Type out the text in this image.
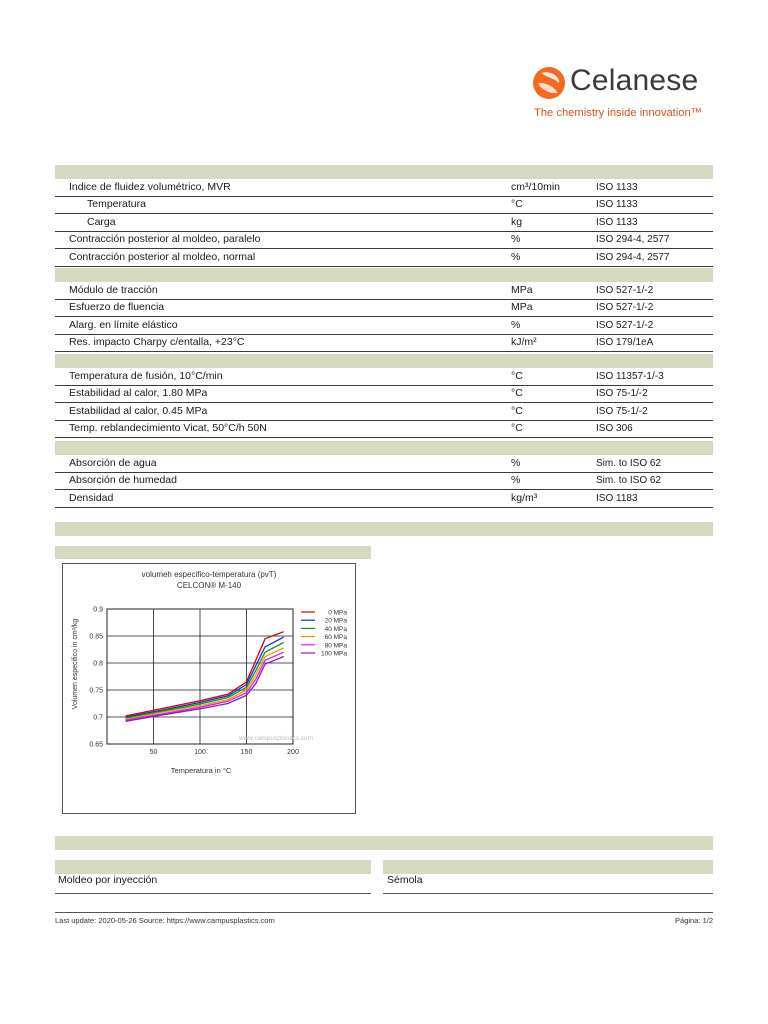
Celanese
The chemistry inside innovation™
Indice de fluidez volumétrico, MVR	cm³/10min	ISO 1133
Temperatura	°C	ISO 1133
Carga	kg	ISO 1133
Contracción posterior al moldeo, paralelo	%	ISO 294-4, 2577
Contracción posterior al moldeo, normal	%	ISO 294-4, 2577
Módulo de tracción	MPa	ISO 527-1/-2
Esfuerzo de fluencia	MPa	ISO 527-1/-2
Alarg. en límite elástico	%	ISO 527-1/-2
Res. impacto Charpy c/entalla, +23°C	kJ/m²	ISO 179/1eA
Temperatura de fusión, 10°C/min	°C	ISO 11357-1/-3
Estabilidad al calor, 1.80 MPa	°C	ISO 75-1/-2
Estabilidad al calor, 0.45 MPa	°C	ISO 75-1/-2
Temp. reblandecimiento Vicat, 50°C/h 50N	°C	ISO 306
Absorción de agua	%	Sim. to ISO 62
Absorción de humedad	%	Sim. to ISO 62
Densidad	kg/m³	ISO 1183
volumeh especifico-temperatura (pvT)
CELCON® M-140
50	100	150	200
0.65
0.7
0.75
0.8
0.85
0.9	0 MPa
20 MPa
40 MPa
60 MPa
80 MPa
100 MPa
www.campusplastics.com
Temperatura in °C
Volumen especifico in cm³/kg
Moldeo por inyección	Sémola
Last update: 2020-05-26 Source: https://www.campusplastics.com	Página: 1/2
